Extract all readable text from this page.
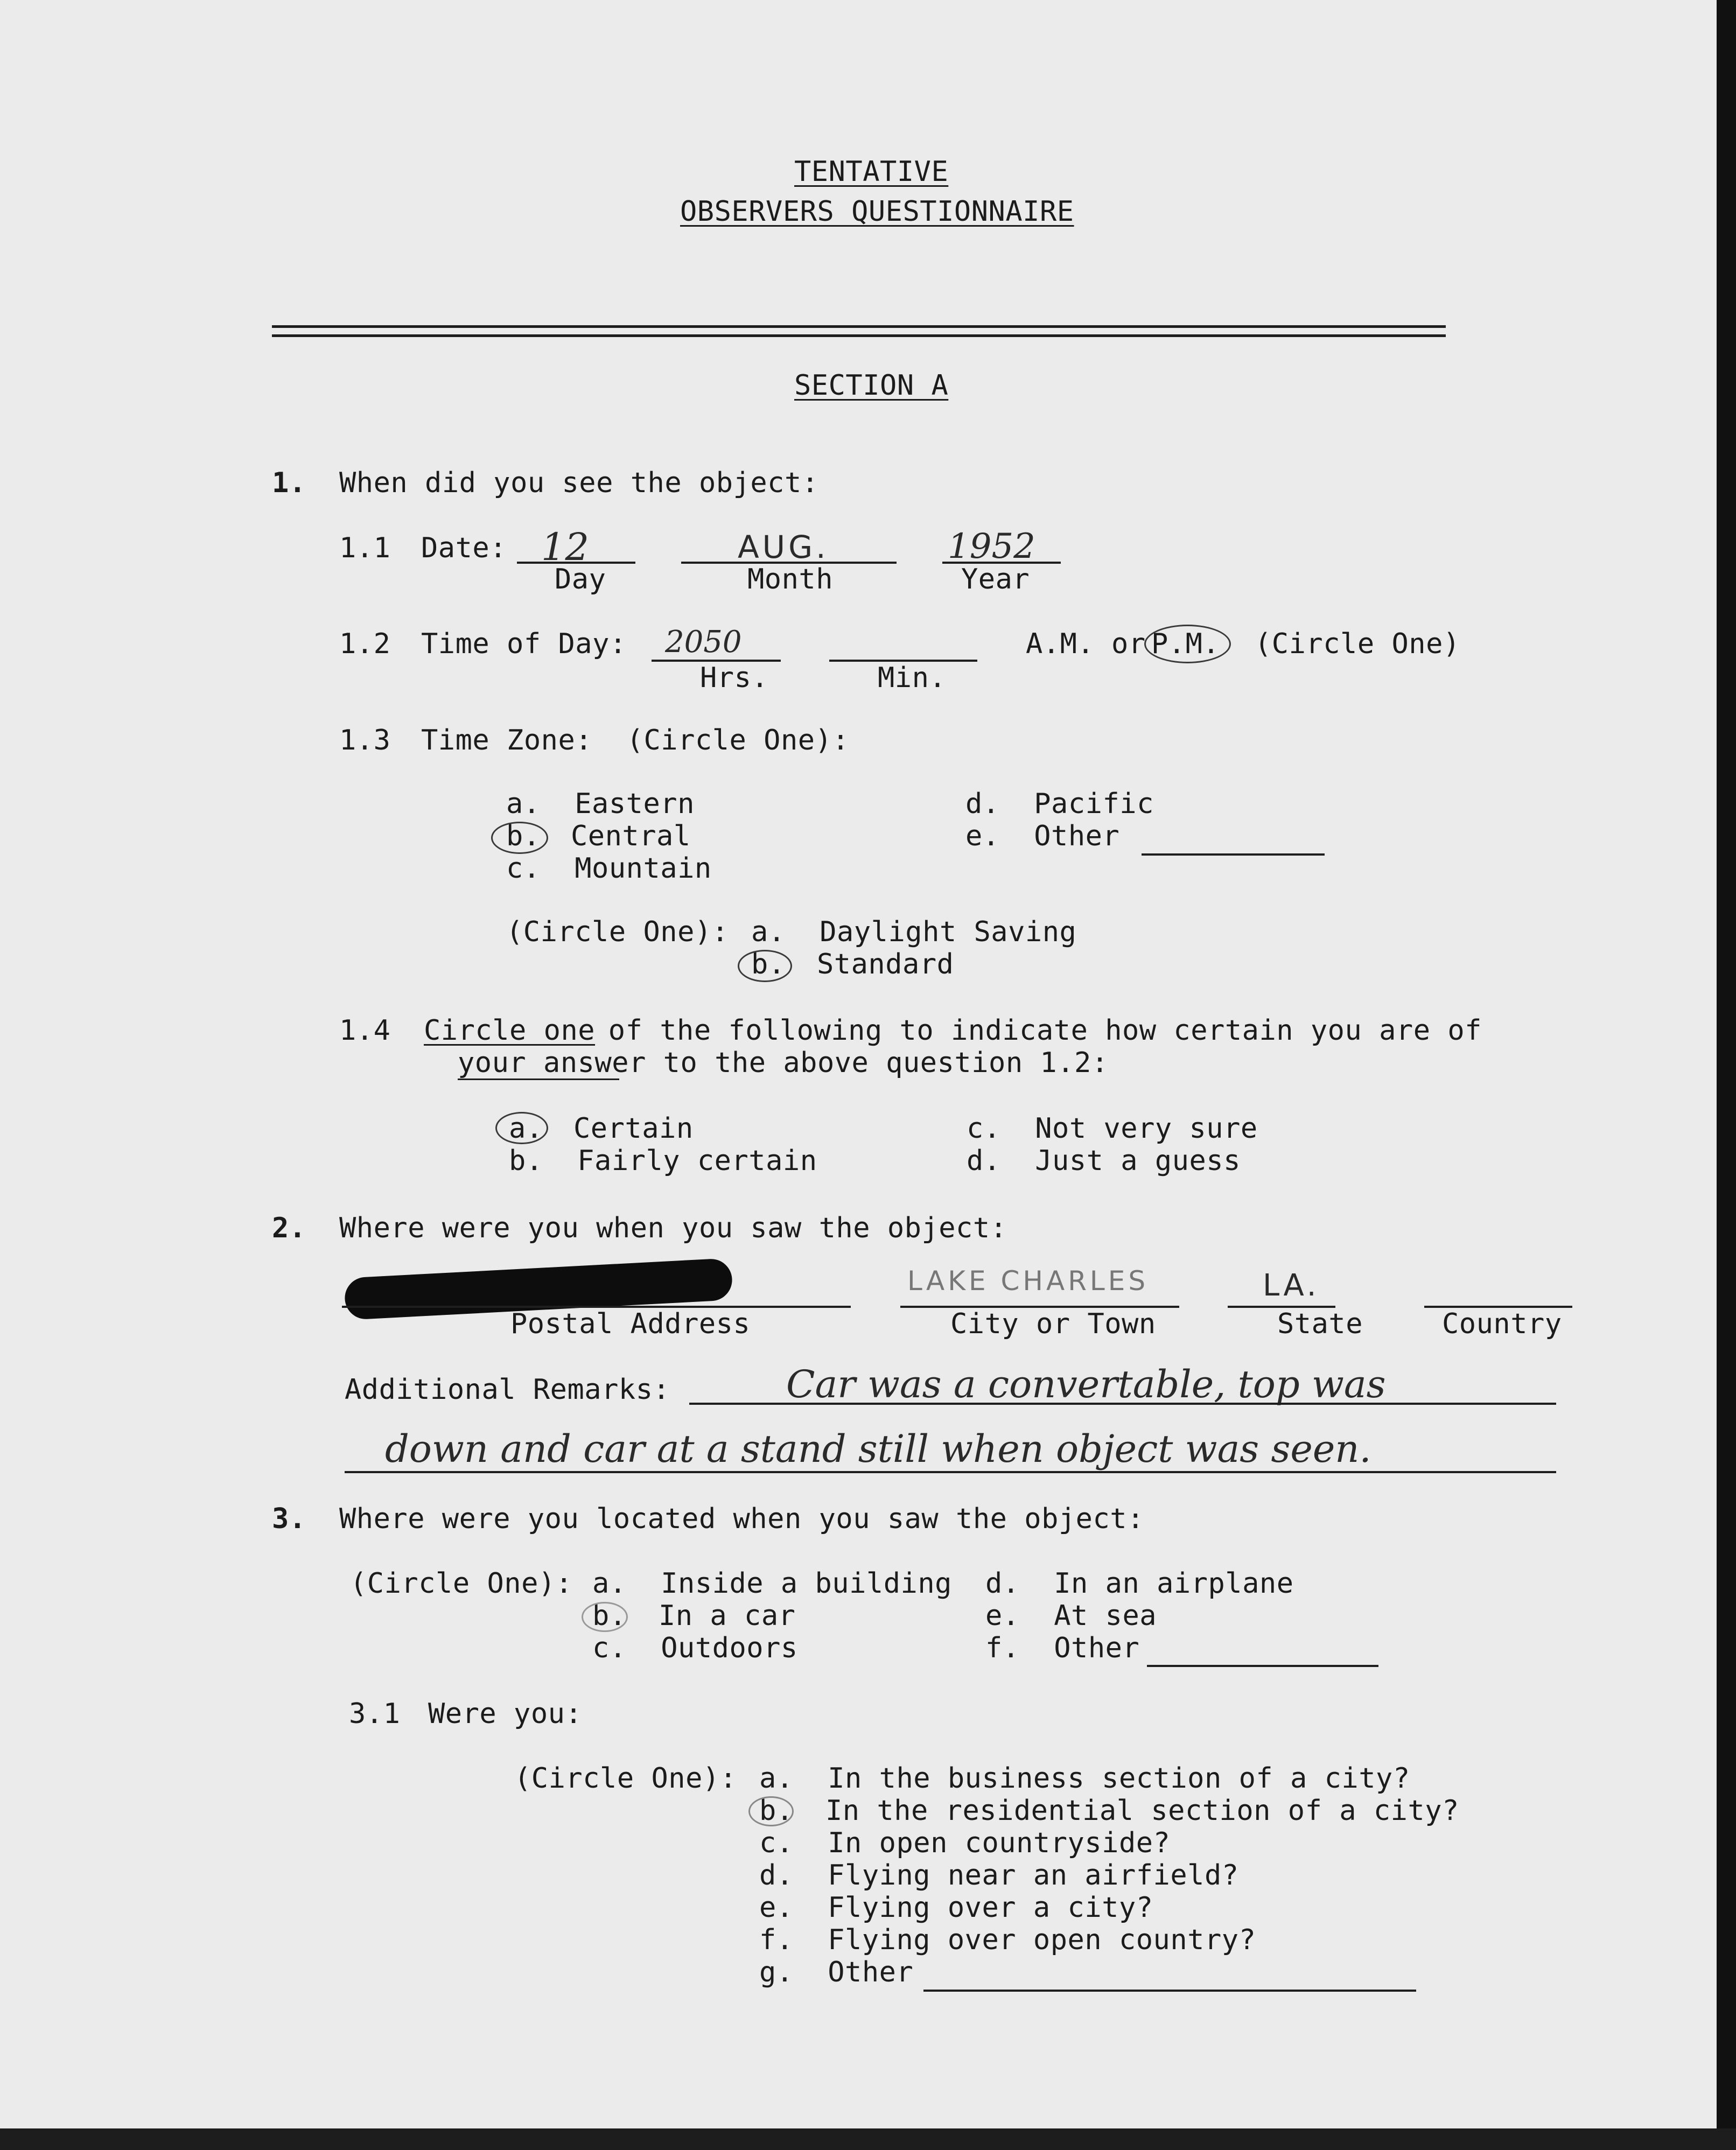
TENTATIVE
OBSERVERS QUESTIONNAIRE
SECTION A
1. When did you see the object:
1.1 Date: 12
Day
AUG.
Month
1952
Year
1.2 Time of Day: 2050
Hrs.	Min.
A.M. or P.M. (Circle One)
1.3 Time Zone:  (Circle One):
a.  Eastern
b. Central
c.  Mountain
d.  Pacific
e.  Other
(Circle One): a.  Daylight Saving
b. Standard
1.4 Circle one
of the following to indicate how certain you are of
your answer to the above question 1.2:
a. Certain
b.  Fairly certain
c.  Not very sure
d.  Just a guess
2. Where were you when you saw the object:
Postal Address
LAKE CHARLES
City or Town
LA.
State	Country
Additional Remarks:	Car was a convertable, top was
down and car at a stand still when object was seen.
3. Where were you located when you saw the object:
(Circle One): a.  Inside a building
b. In a car
c.  Outdoors
d.  In an airplane
e.  At sea
f.  Other
3.1 Were you:
(Circle One): a.  In the business section of a city?
b. In the residential section of a city?
c.  In open countryside?
d.  Flying near an airfield?
e.  Flying over a city?
f.  Flying over open country?
g.  Other
